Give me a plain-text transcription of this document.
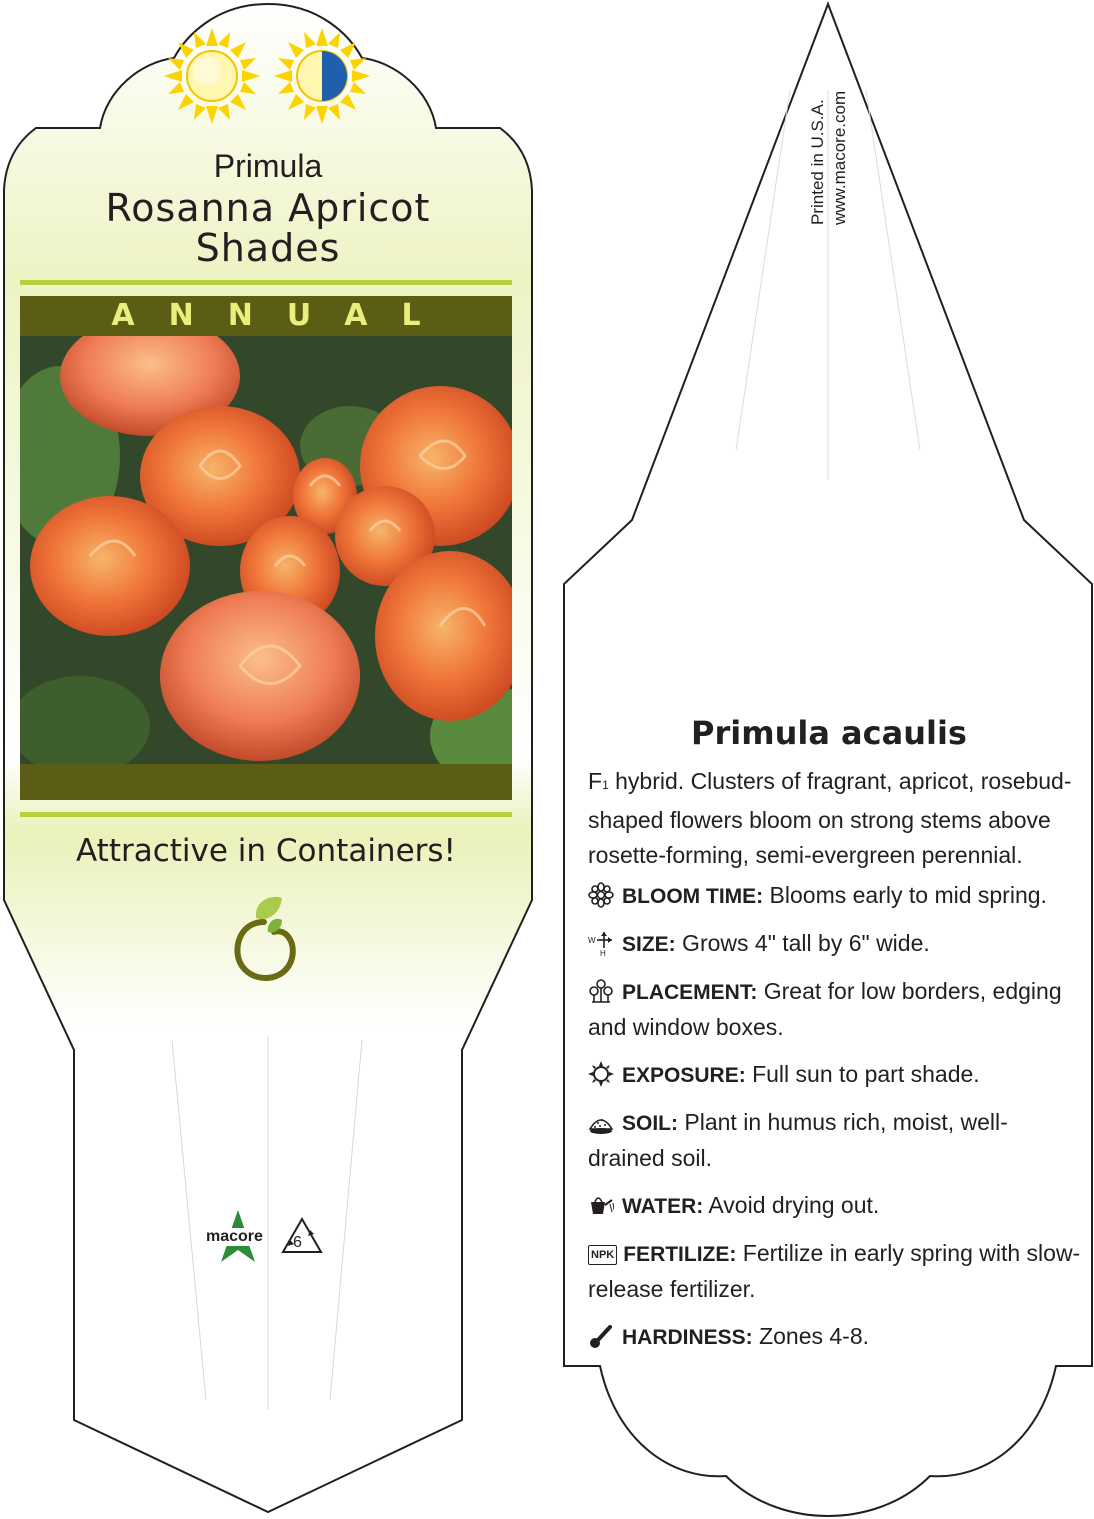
Primula
Rosanna Apricot
Shades
ANNUAL
Attractive in Containers!
macore 6
Printed in U.S.A. www.macore.com
Primula acaulis
F1 hybrid. Clusters of fragrant, apricot, rosebud-shaped flowers bloom on strong stems above rosette-forming, semi-evergreen perennial.
BLOOM TIME: Blooms early to mid spring.
W
H SIZE: Grows 4" tall by 6" wide.
PLACEMENT: Great for low borders, edging and window boxes.
EXPOSURE: Full sun to part shade.
SOIL: Plant in humus rich, moist, well-drained soil.
WATER: Avoid drying out.
NPK FERTILIZE: Fertilize in early spring with slow-release fertilizer.
HARDINESS: Zones 4-8.
